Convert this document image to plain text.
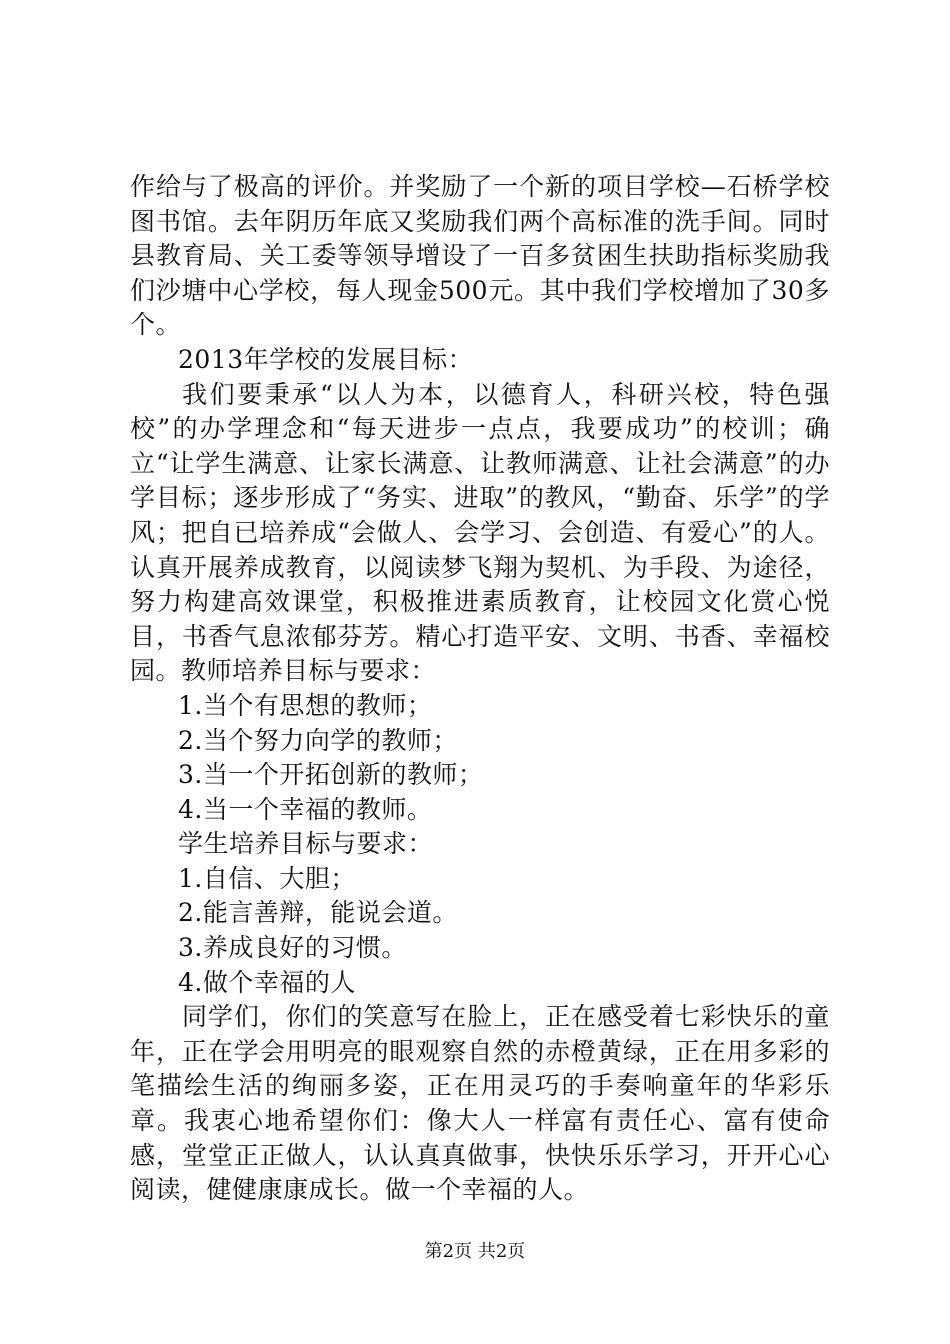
作给与了极高的评价。并奖励了一个新的项目学校—石桥学校图书馆。去年阴历年底又奖励我们两个高标准的洗手间。同时县教育局、关工委等领导增设了一百多贫困生扶助指标奖励我们沙塘中心学校，每人现金500元。其中我们学校增加了30多个。

2013年学校的发展目标：

我们要秉承“以人为本，以德育人，科研兴校，特色强校”的办学理念和“每天进步一点点，我要成功”的校训；确立“让学生满意、让家长满意、让教师满意、让社会满意”的办学目标；逐步形成了“务实、进取”的教风，“勤奋、乐学”的学风；把自已培养成“会做人、会学习、会创造、有爱心”的人。认真开展养成教育，以阅读梦飞翔为契机、为手段、为途径，努力构建高效课堂，积极推进素质教育，让校园文化赏心悦目，书香气息浓郁芬芳。精心打造平安、文明、书香、幸福校园。教师培养目标与要求：

1.当个有思想的教师；

2.当个努力向学的教师；

3.当一个开拓创新的教师；

4.当一个幸福的教师。

学生培养目标与要求：

1.自信、大胆；

2.能言善辩，能说会道。

3.养成良好的习惯。

4.做个幸福的人

同学们，你们的笑意写在脸上，正在感受着七彩快乐的童年，正在学会用明亮的眼观察自然的赤橙黄绿，正在用多彩的笔描绘生活的绚丽多姿，正在用灵巧的手奏响童年的华彩乐章。我衷心地希望你们：像大人一样富有责任心、富有使命感，堂堂正正做人，认认真真做事，快快乐乐学习，开开心心阅读，健健康康成长。做一个幸福的人。

第2页 共2页
